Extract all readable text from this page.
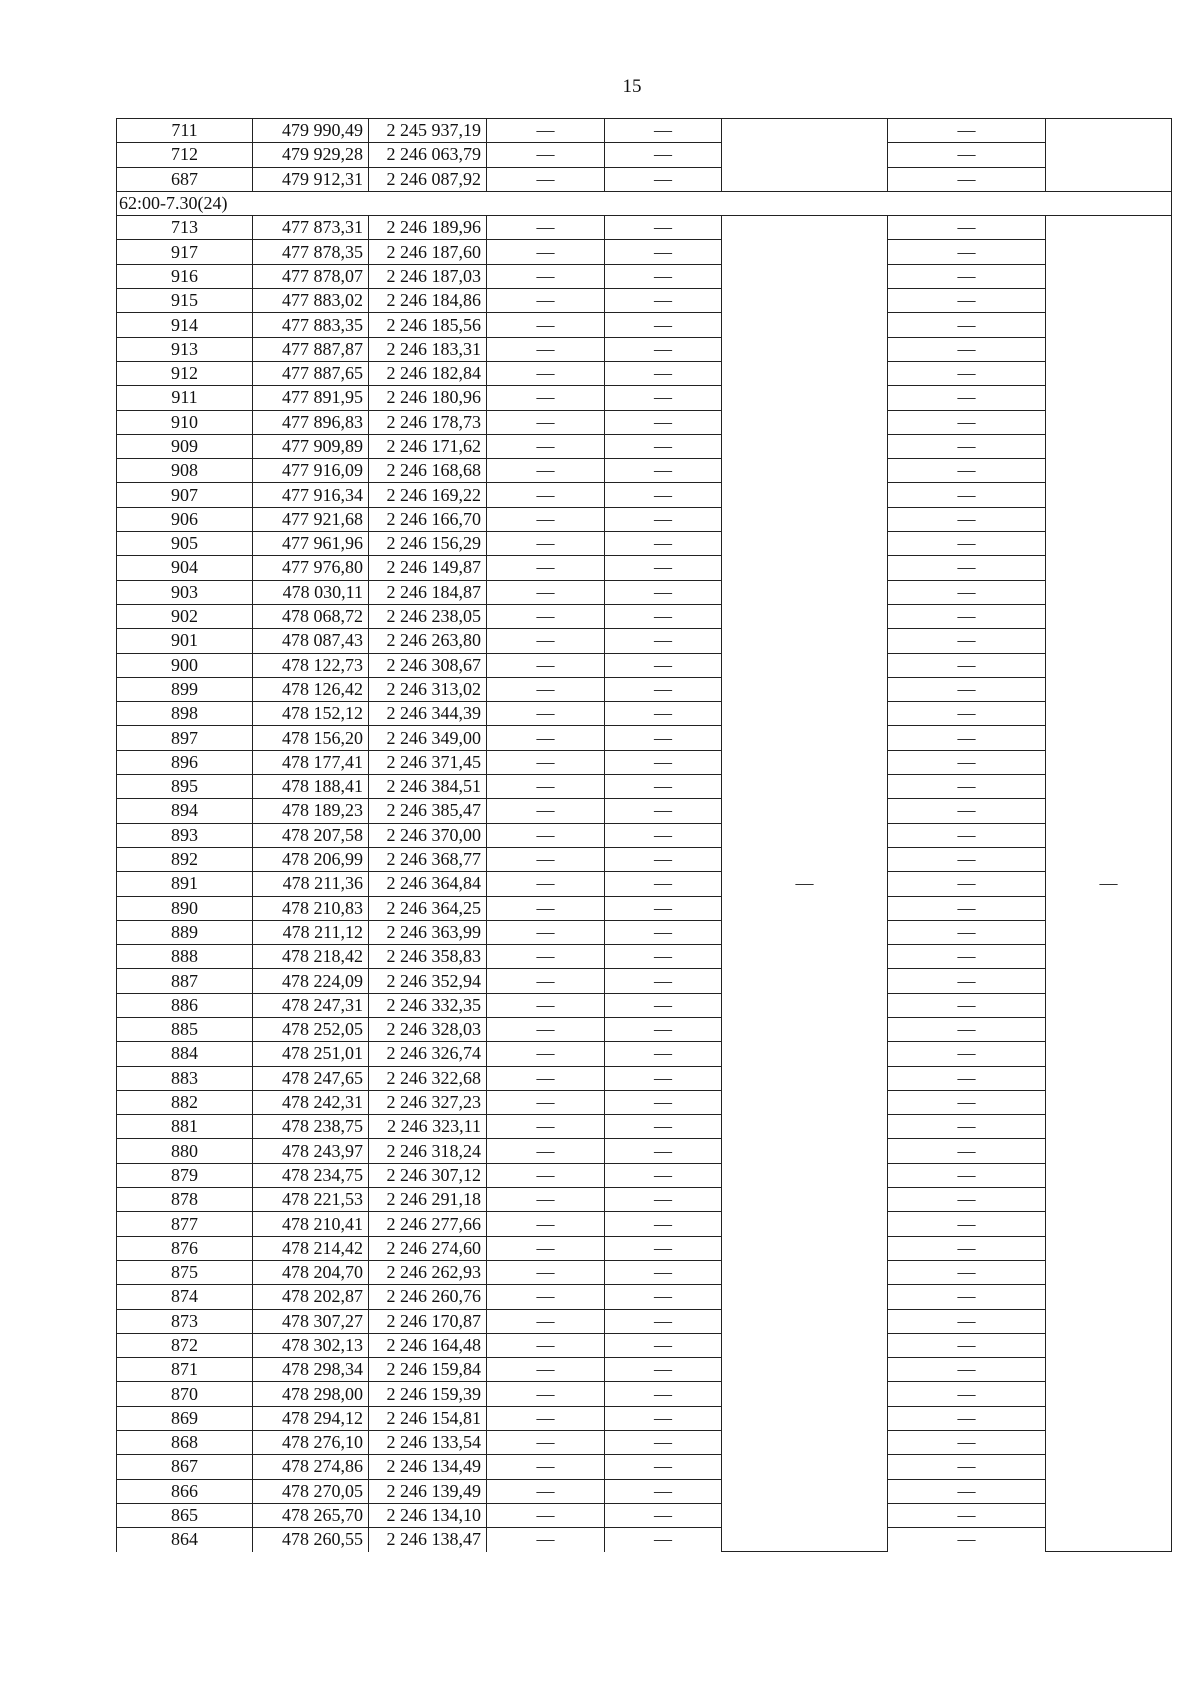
15
711	479 990,49	2 245 937,19	—	—		—	
712	479 929,28	2 246 063,79	—	—		—	
687	479 912,31	2 246 087,92	—	—		—	
62:00-7.30(24)							
713	477 873,31	2 246 189,96	—	—	—	—	—
917	477 878,35	2 246 187,60	—	—		—	
916	477 878,07	2 246 187,03	—	—		—	
915	477 883,02	2 246 184,86	—	—		—	
914	477 883,35	2 246 185,56	—	—		—	
913	477 887,87	2 246 183,31	—	—		—	
912	477 887,65	2 246 182,84	—	—		—	
911	477 891,95	2 246 180,96	—	—		—	
910	477 896,83	2 246 178,73	—	—		—	
909	477 909,89	2 246 171,62	—	—		—	
908	477 916,09	2 246 168,68	—	—		—	
907	477 916,34	2 246 169,22	—	—		—	
906	477 921,68	2 246 166,70	—	—		—	
905	477 961,96	2 246 156,29	—	—		—	
904	477 976,80	2 246 149,87	—	—		—	
903	478 030,11	2 246 184,87	—	—		—	
902	478 068,72	2 246 238,05	—	—		—	
901	478 087,43	2 246 263,80	—	—		—	
900	478 122,73	2 246 308,67	—	—		—	
899	478 126,42	2 246 313,02	—	—		—	
898	478 152,12	2 246 344,39	—	—		—	
897	478 156,20	2 246 349,00	—	—		—	
896	478 177,41	2 246 371,45	—	—		—	
895	478 188,41	2 246 384,51	—	—		—	
894	478 189,23	2 246 385,47	—	—		—	
893	478 207,58	2 246 370,00	—	—		—	
892	478 206,99	2 246 368,77	—	—		—	
891	478 211,36	2 246 364,84	—	—		—	
890	478 210,83	2 246 364,25	—	—		—	
889	478 211,12	2 246 363,99	—	—		—	
888	478 218,42	2 246 358,83	—	—		—	
887	478 224,09	2 246 352,94	—	—		—	
886	478 247,31	2 246 332,35	—	—		—	
885	478 252,05	2 246 328,03	—	—		—	
884	478 251,01	2 246 326,74	—	—		—	
883	478 247,65	2 246 322,68	—	—		—	
882	478 242,31	2 246 327,23	—	—		—	
881	478 238,75	2 246 323,11	—	—		—	
880	478 243,97	2 246 318,24	—	—		—	
879	478 234,75	2 246 307,12	—	—		—	
878	478 221,53	2 246 291,18	—	—		—	
877	478 210,41	2 246 277,66	—	—		—	
876	478 214,42	2 246 274,60	—	—		—	
875	478 204,70	2 246 262,93	—	—		—	
874	478 202,87	2 246 260,76	—	—		—	
873	478 307,27	2 246 170,87	—	—		—	
872	478 302,13	2 246 164,48	—	—		—	
871	478 298,34	2 246 159,84	—	—		—	
870	478 298,00	2 246 159,39	—	—		—	
869	478 294,12	2 246 154,81	—	—		—	
868	478 276,10	2 246 133,54	—	—		—	
867	478 274,86	2 246 134,49	—	—		—	
866	478 270,05	2 246 139,49	—	—		—	
865	478 265,70	2 246 134,10	—	—		—	
864	478 260,55	2 246 138,47	—	—		—	
